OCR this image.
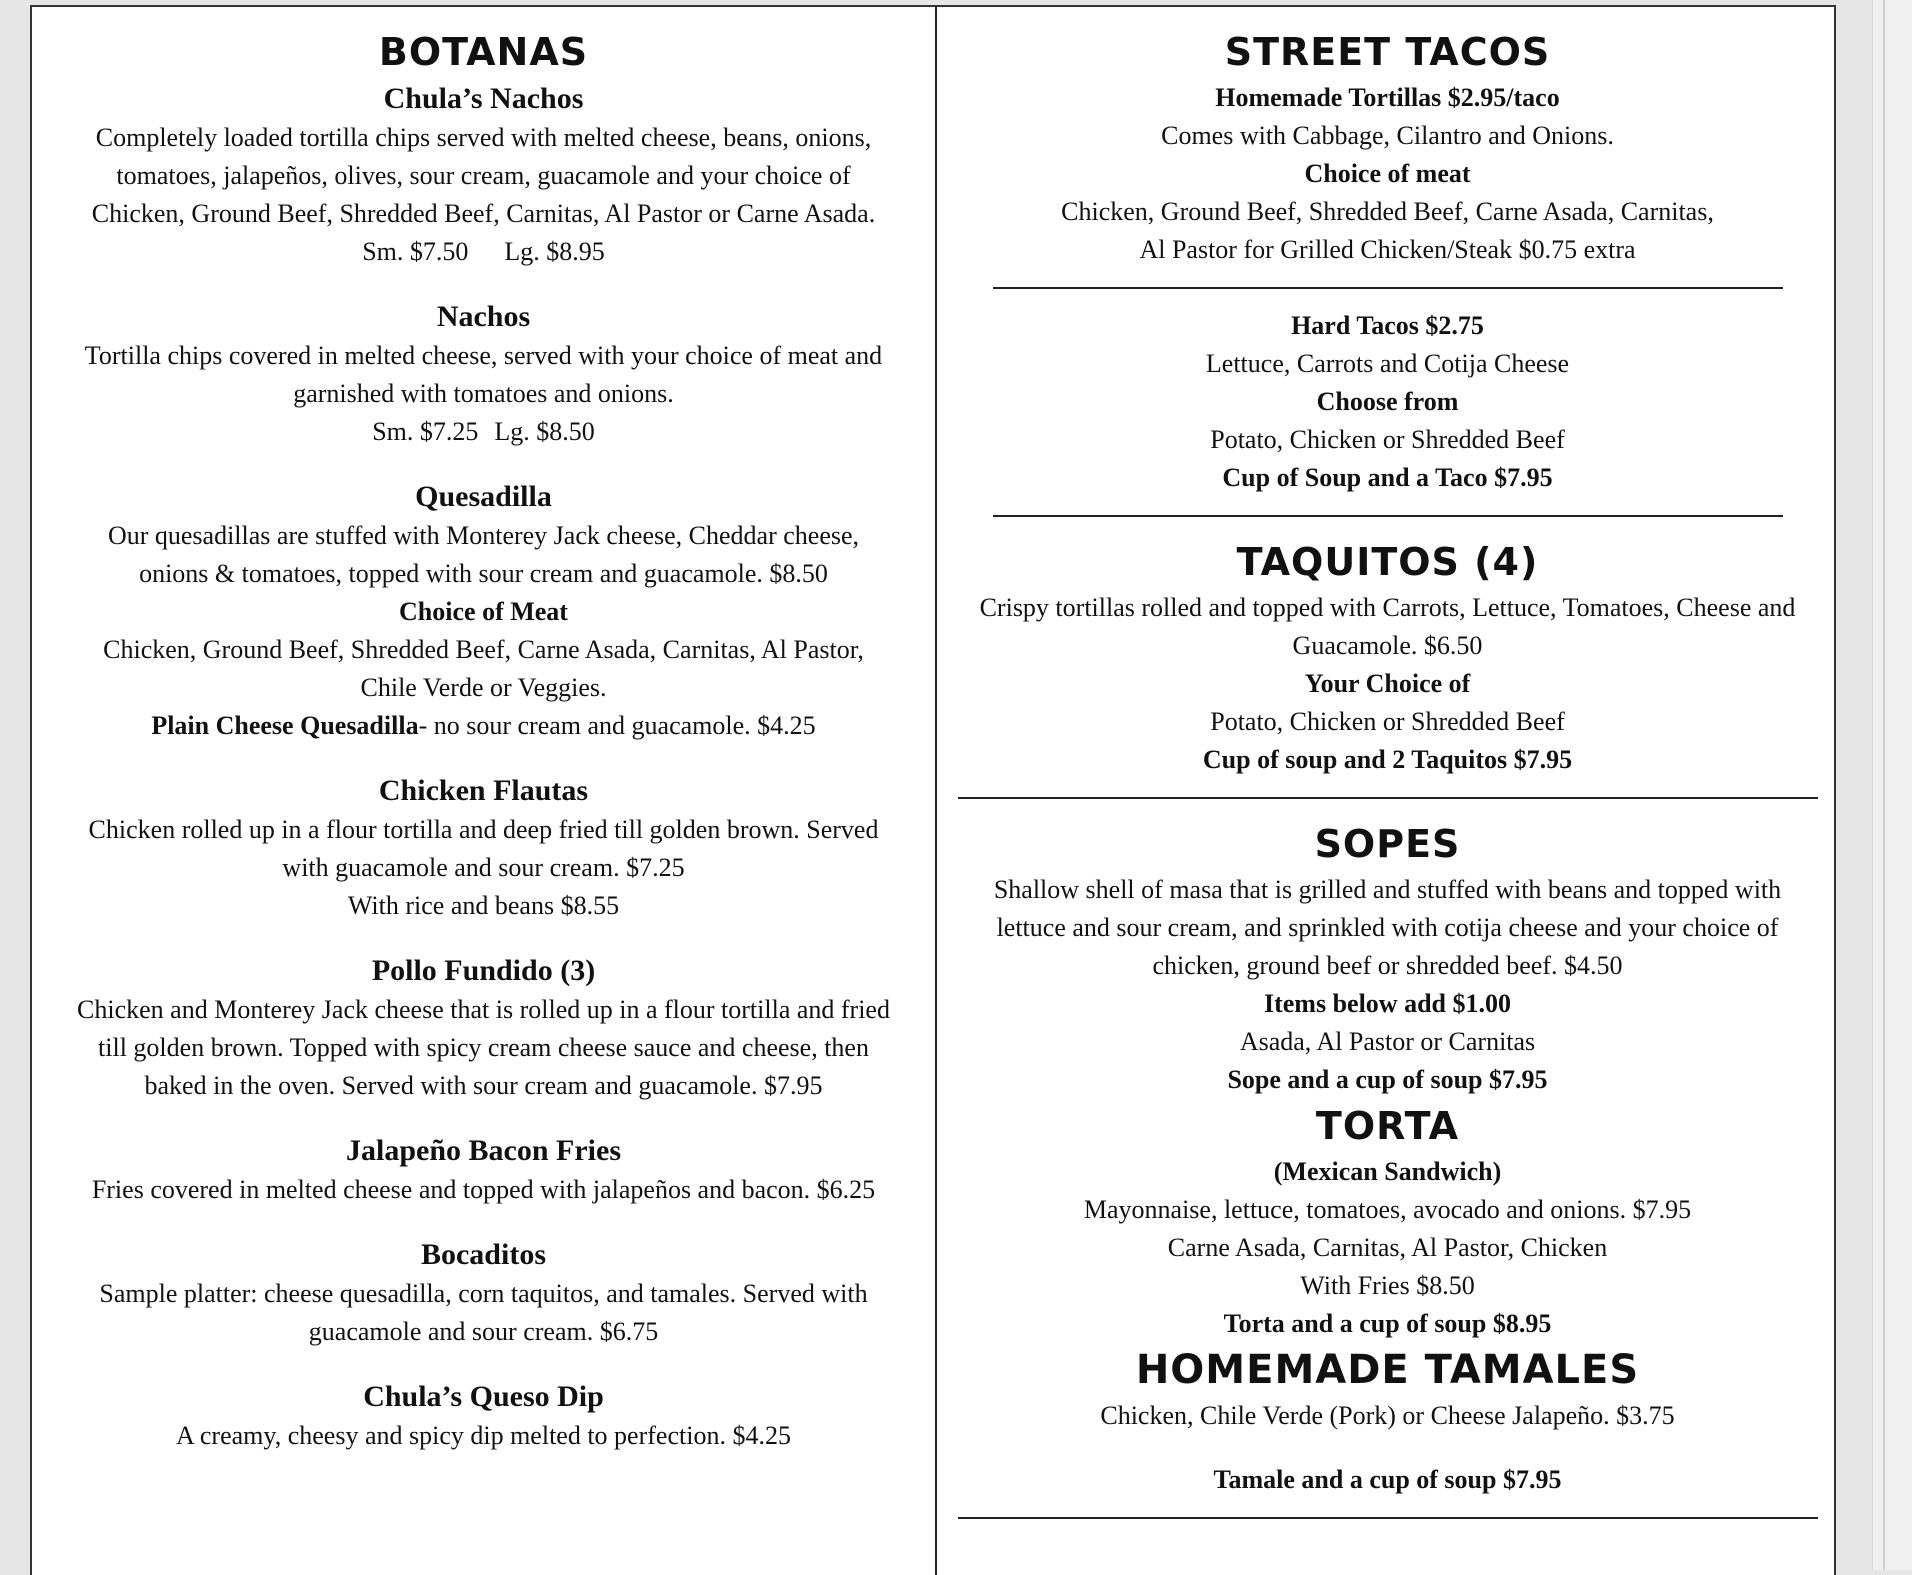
BOTANAS

Chula’s Nachos

Completely loaded tortilla chips served with melted cheese, beans, onions,

tomatoes, jalapeños, olives, sour cream, guacamole and your choice of

Chicken, Ground Beef, Shredded Beef, Carnitas, Al Pastor or Carne Asada.

Sm. $7.50 Lg. $8.95

Nachos

Tortilla chips covered in melted cheese, served with your choice of meat and

garnished with tomatoes and onions.

Sm. $7.25 Lg. $8.50

Quesadilla

Our quesadillas are stuffed with Monterey Jack cheese, Cheddar cheese,

onions & tomatoes, topped with sour cream and guacamole. $8.50

Choice of Meat

Chicken, Ground Beef, Shredded Beef, Carne Asada, Carnitas, Al Pastor,

Chile Verde or Veggies.

Plain Cheese Quesadilla- no sour cream and guacamole. $4.25

Chicken Flautas

Chicken rolled up in a flour tortilla and deep fried till golden brown. Served

with guacamole and sour cream. $7.25

With rice and beans $8.55

Pollo Fundido (3)

Chicken and Monterey Jack cheese that is rolled up in a flour tortilla and fried

till golden brown. Topped with spicy cream cheese sauce and cheese, then

baked in the oven. Served with sour cream and guacamole. $7.95

Jalapeño Bacon Fries

Fries covered in melted cheese and topped with jalapeños and bacon. $6.25

Bocaditos

Sample platter: cheese quesadilla, corn taquitos, and tamales. Served with

guacamole and sour cream. $6.75

Chula’s Queso Dip

A creamy, cheesy and spicy dip melted to perfection. $4.25

STREET TACOS

Homemade Tortillas $2.95/taco

Comes with Cabbage, Cilantro and Onions.

Choice of meat

Chicken, Ground Beef, Shredded Beef, Carne Asada, Carnitas,

Al Pastor for Grilled Chicken/Steak $0.75 extra

Hard Tacos $2.75

Lettuce, Carrots and Cotija Cheese

Choose from

Potato, Chicken or Shredded Beef

Cup of Soup and a Taco $7.95

TAQUITOS (4)

Crispy tortillas rolled and topped with Carrots, Lettuce, Tomatoes, Cheese and

Guacamole. $6.50

Your Choice of

Potato, Chicken or Shredded Beef

Cup of soup and 2 Taquitos $7.95

SOPES

Shallow shell of masa that is grilled and stuffed with beans and topped with

lettuce and sour cream, and sprinkled with cotija cheese and your choice of

chicken, ground beef or shredded beef. $4.50

Items below add $1.00

Asada, Al Pastor or Carnitas

Sope and a cup of soup $7.95

TORTA

(Mexican Sandwich)

Mayonnaise, lettuce, tomatoes, avocado and onions. $7.95

Carne Asada, Carnitas, Al Pastor, Chicken

With Fries $8.50

Torta and a cup of soup $8.95

HOMEMADE TAMALES

Chicken, Chile Verde (Pork) or Cheese Jalapeño. $3.75

Tamale and a cup of soup $7.95
